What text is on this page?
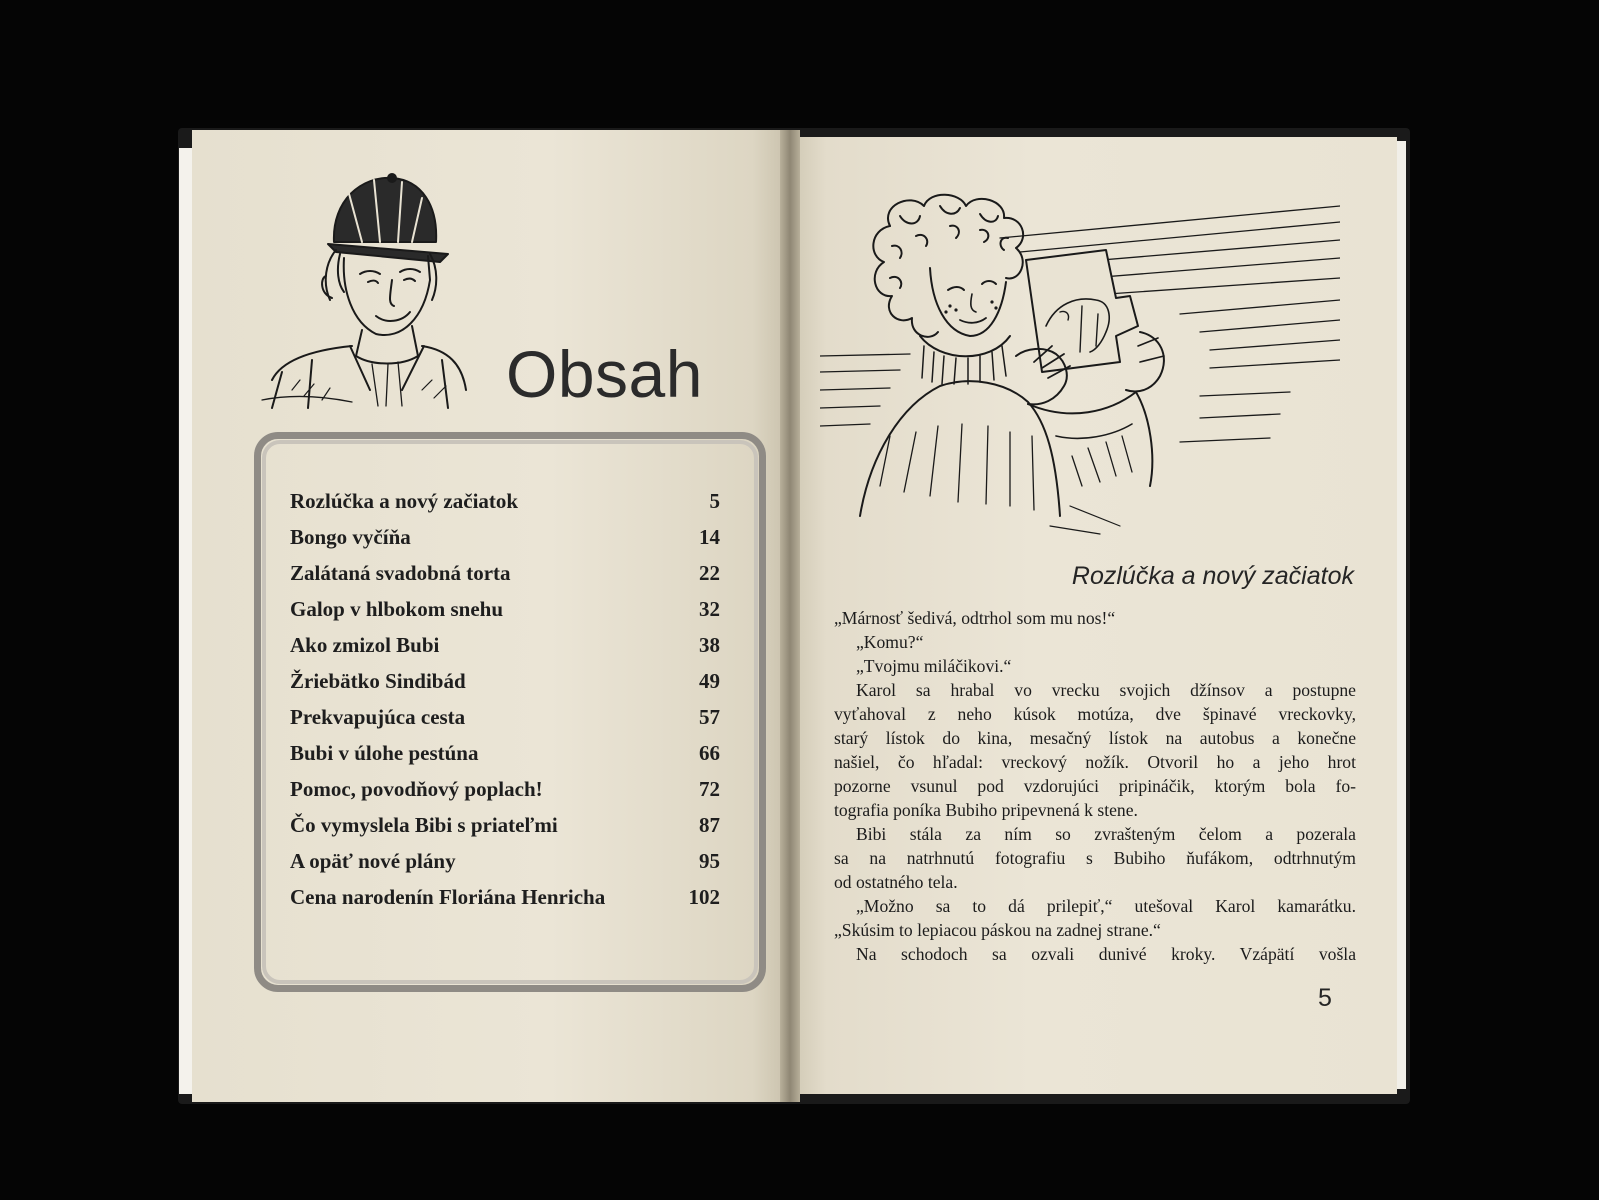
Obsah
Rozlúčka a nový začiatok	5
Bongo vyčíňa	14
Zalátaná svadobná torta	22
Galop v hlbokom snehu	32
Ako zmizol Bubi	38
Žriebätko Sindibád	49
Prekvapujúca cesta	57
Bubi v úlohe pestúna	66
Pomoc, povodňový poplach!	72
Čo vymyslela Bibi s priateľmi	87
A opäť nové plány	95
Cena narodenín Floriána Henricha	102
Rozlúčka a nový začiatok
„Márnosť šedivá, odtrhol som mu nos!“
„Komu?“
„Tvojmu miláčikovi.“
Karol sa hrabal vo vrecku svojich džínsov a postupne
vyťahoval z neho kúsok motúza, dve špinavé vreckovky,
starý lístok do kina, mesačný lístok na autobus a konečne
našiel, čo hľadal: vreckový nožík. Otvoril ho a jeho hrot
pozorne vsunul pod vzdorujúci pripináčik, ktorým bola fo-
tografia poníka Bubiho pripevnená k stene.
Bibi stála za ním so zvrašteným čelom a pozerala
sa na natrhnutú fotografiu s Bubiho ňufákom, odtrhnutým
od ostatného tela.
„Možno sa to dá prilepiť,“ utešoval Karol kamarátku.
„Skúsim to lepiacou páskou na zadnej strane.“
Na schodoch sa ozvali dunivé kroky. Vzápätí vošla
5
